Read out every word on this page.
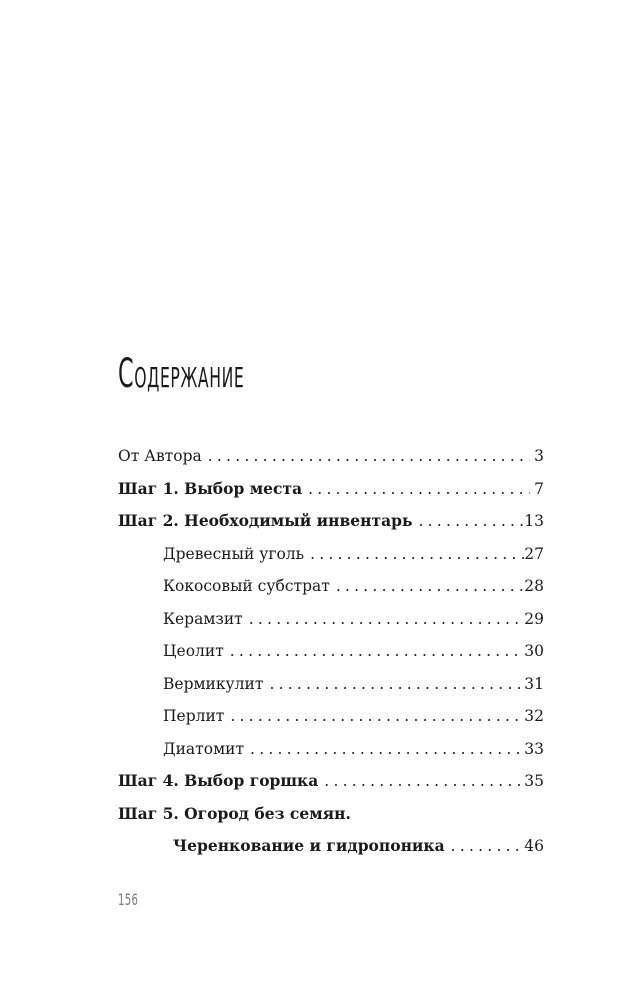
Содержание
От Автора . . .	3
Шаг 1. Выбор места . . .	7
Шаг 2. Необходимый инвентарь . . .	13
Древесный уголь . . .	27
Кокосовый субстрат . . .	28
Керамзит . . .	29
Цеолит . . .	30
Вермикулит . . .	31
Перлит . . .	32
Диатомит . . .	33
Шаг 4. Выбор горшка . . .	35
Шаг 5. Огород без семян.
Черенкование и гидропоника . . .	46
156
